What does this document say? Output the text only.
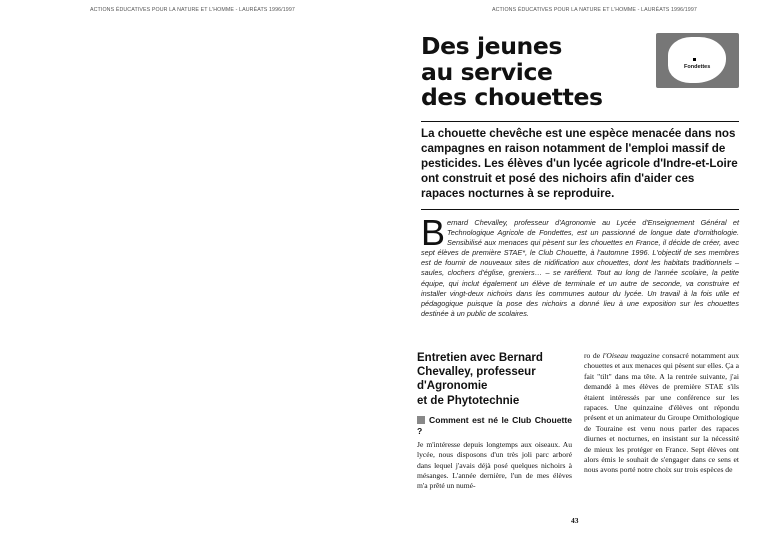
ACTIONS ÉDUCATIVES POUR LA NATURE ET L'HOMME - LAURÉATS 1996/1997	ACTIONS ÉDUCATIVES POUR LA NATURE ET L'HOMME - LAURÉATS 1996/1997
Des jeunes
au service
des chouettes
Fondettes

La chouette chevêche est une espèce menacée dans nos campagnes en raison notamment de l'emploi massif de pesticides. Les élèves d'un lycée agricole d'Indre-et-Loire ont construit et posé des nichoirs afin d'aider ces rapaces nocturnes à se reproduire.

Bernard Chevalley, professeur d'Agronomie au Lycée d'Enseignement Général et Technologique Agricole de Fondettes, est un passionné de longue date d'ornithologie. Sensibilisé aux menaces qui pèsent sur les chouettes en France, il décide de créer, avec sept élèves de première STAE*, le Club Chouette, à l'automne 1996. L'objectif de ses membres est de fournir de nouveaux sites de nidification aux chouettes, dont les habitats traditionnels – saules, clochers d'église, greniers… – se raréfient. Tout au long de l'année scolaire, la petite équipe, qui inclut également un élève de terminale et un autre de seconde, va construire et installer vingt-deux nichoirs dans les communes autour du lycée. Un travail à la fois utile et pédagogique puisque la pose des nichoirs a donné lieu à une exposition sur les chouettes destinée à un public de scolaires.

Entretien avec Bernard
Chevalley, professeur
d'Agronomie
et de Phytotechnie

Comment est né le Club Chouette ?

Je m'intéresse depuis longtemps aux oiseaux. Au lycée, nous disposons d'un très joli parc arboré dans lequel j'avais déjà posé quelques nichoirs à mésanges. L'année dernière, l'un de mes élèves m'a prêté un numé-

ro de l'Oiseau magazine consacré notamment aux chouettes et aux menaces qui pèsent sur elles. Ça a fait "tilt" dans ma tête. A la rentrée suivante, j'ai demandé à mes élèves de première STAE s'ils étaient intéressés par une conférence sur les rapaces. Une quinzaine d'élèves ont répondu présent et un animateur du Groupe Ornithologique de Touraine est venu nous parler des rapaces diurnes et nocturnes, en insistant sur la nécessité de mieux les protéger en France. Sept élèves ont alors émis le souhait de s'engager dans ce sens et nous avons porté notre choix sur trois espèces de

43
